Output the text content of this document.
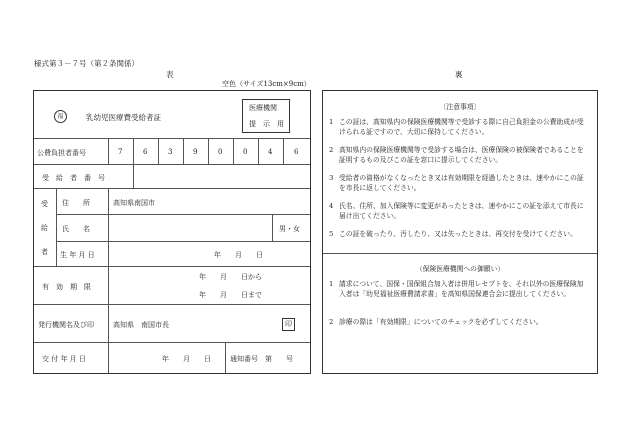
様式第３－７号（第２条関係）
表	裏
空色（サイズ13cm×9cm）
福	乳幼児医療費受給者証
医療機関
提　示　用
公費負担者番号	7	6	3	9	0	0	4	6
受　給　者　番　号
受
給
者
住　　所	高知県南国市
氏　　名	男・女
生 年 月 日	年　　月　　日
有　効　期　限
年　　月　　日から
年　　月　　日まで
発行機関名及び印	高知県　南国市長	印
交 付 年 月 日	年　　月　　日	通知番号　第　　号
〔注意事項〕
1 この証は、高知県内の保険医療機関等で受診する際に自己負担金の公費助成が受けられる証ですので、大切に保持してください。
2 高知県内の保険医療機関等で受診する場合は、医療保険の被保険者であることを証明するもの及びこの証を窓口に提示してください。
3 受給者の資格がなくなったとき又は有効期限を経過したときは、速やかにこの証を市長に返してください。
4 氏名、住所、加入保険等に変更があったときは、速やかにこの証を添えて市長に届け出てください。
5 この証を破ったり、汚したり、又は失ったときは、再交付を受けてください。
（保険医療機関への御願い）
1 請求について、国保・国保組合加入者は併用レセプトを、それ以外の医療保険加入者は「幼児福祉医療費請求書」を高知県国保連合会に提出してください。
2 診療の際は「有効期限」についてのチェックを必ずしてください。
